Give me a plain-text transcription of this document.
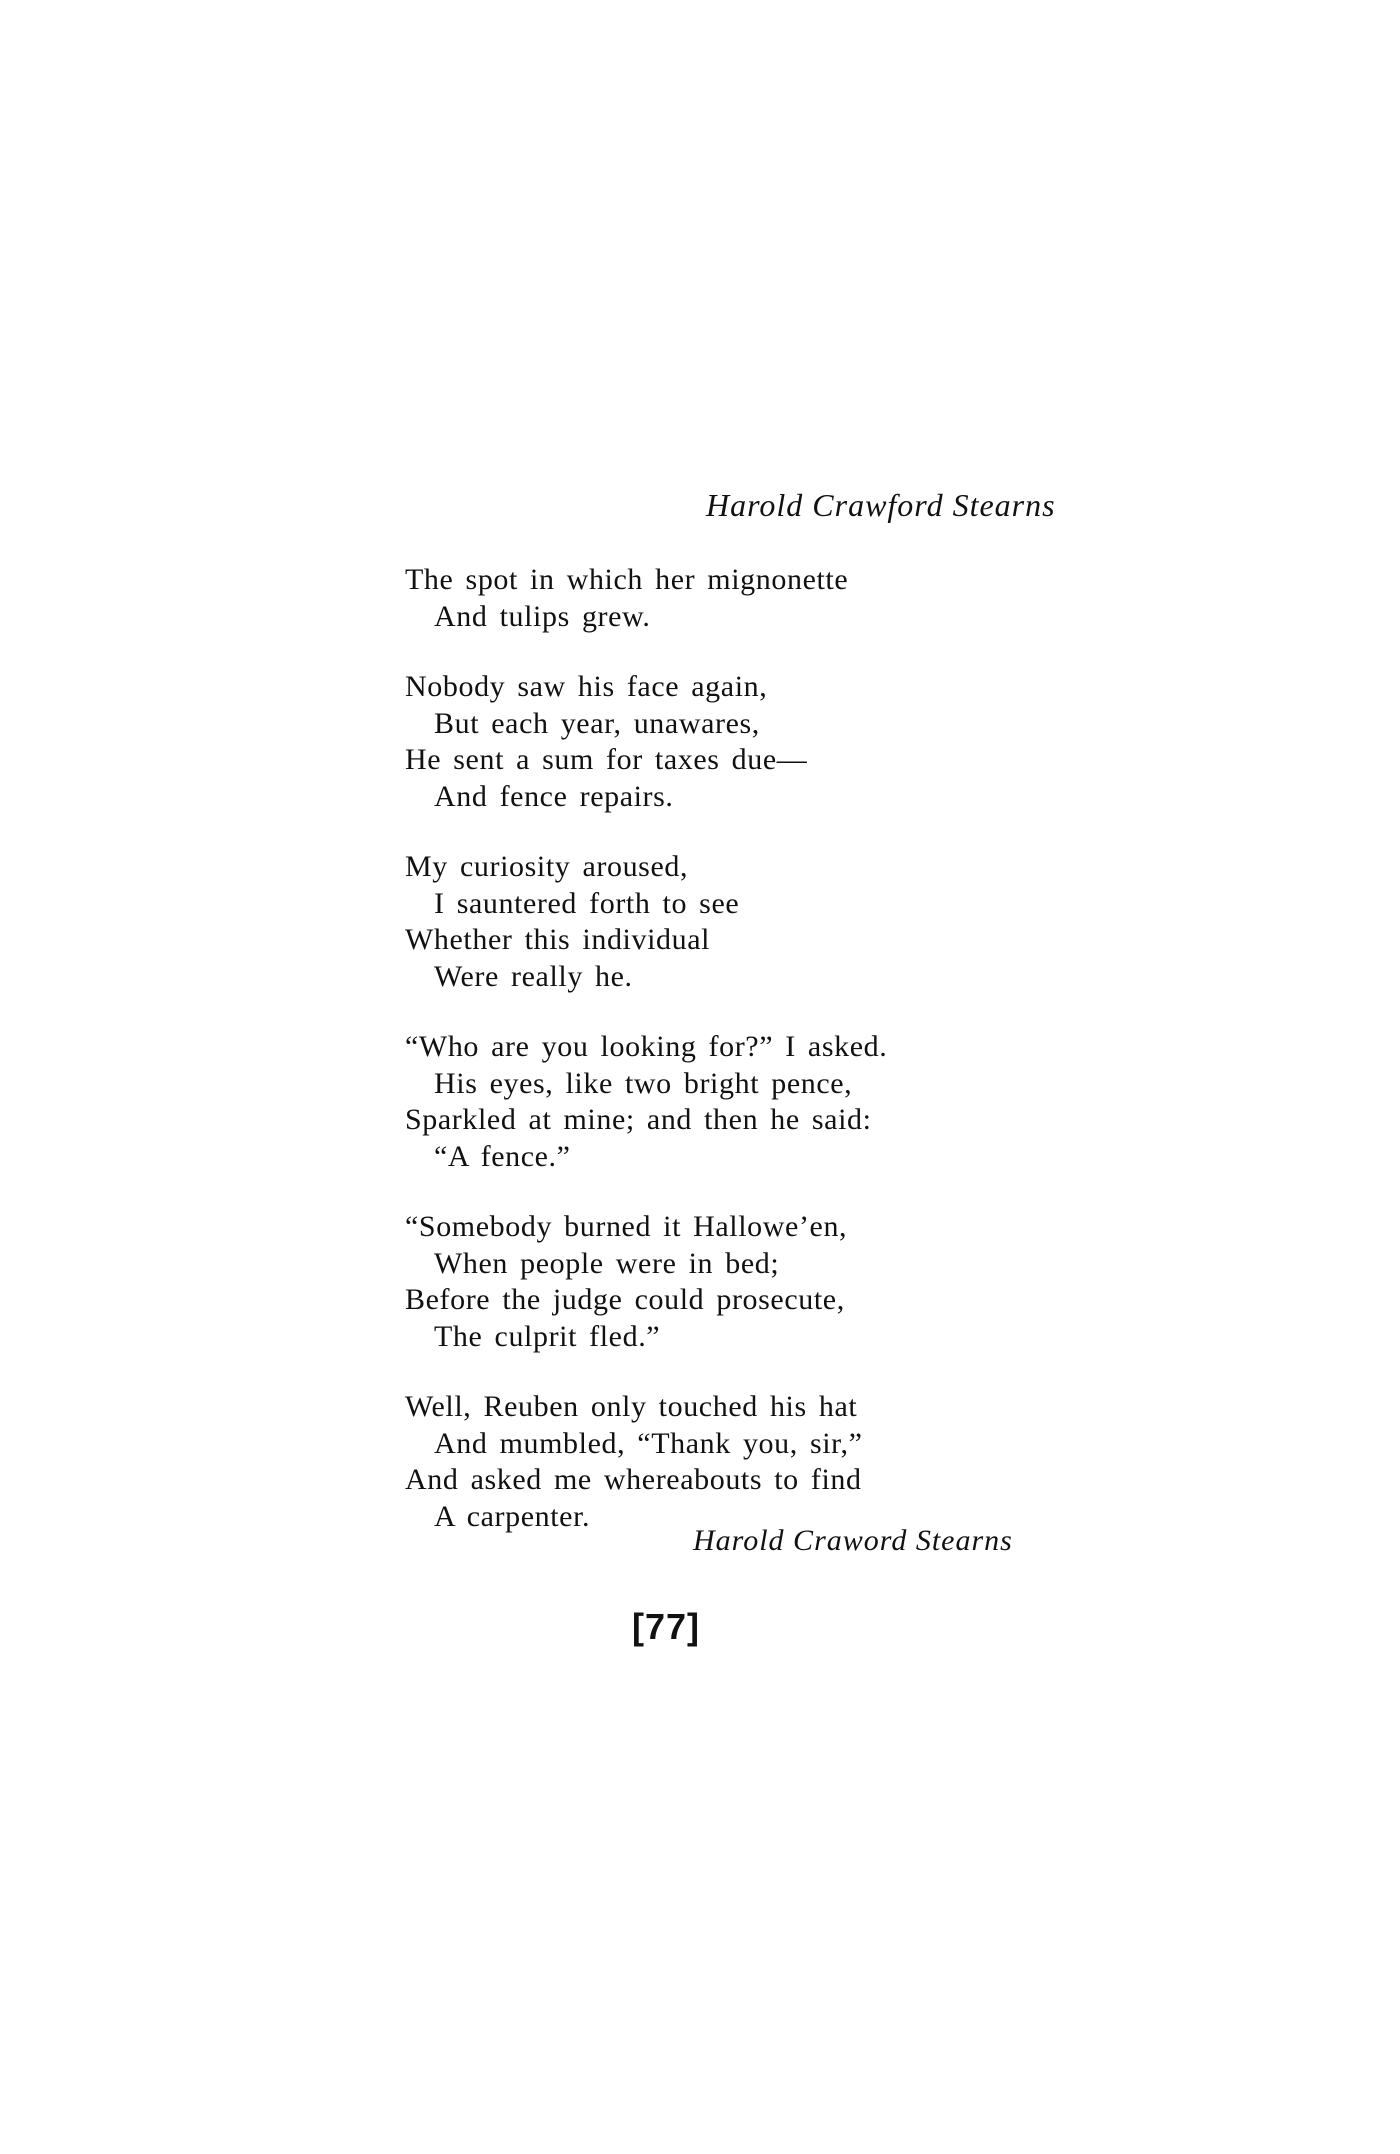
Harold Crawford Stearns
The spot in which her mignonette
And tulips grew.
Nobody saw his face again,
But each year, unawares,
He sent a sum for taxes due—
And fence repairs.
My curiosity aroused,
I sauntered forth to see
Whether this individual
Were really he.
“Who are you looking for?” I asked.
His eyes, like two bright pence,
Sparkled at mine; and then he said:
“A fence.”
“Somebody burned it Hallowe’en,
When people were in bed;
Before the judge could prosecute,
The culprit fled.”
Well, Reuben only touched his hat
And mumbled, “Thank you, sir,”
And asked me whereabouts to find
A carpenter.
Harold Craword Stearns
[77]
